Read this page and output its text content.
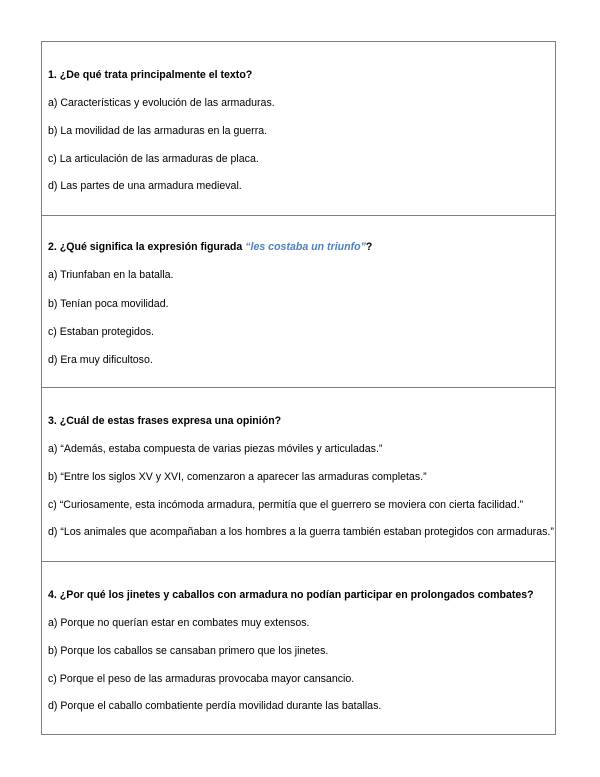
1. ¿De qué trata principalmente el texto?
a) Características y evolución de las armaduras.
b) La movilidad de las armaduras en la guerra.
c) La articulación de las armaduras de placa.
d) Las partes de una armadura medieval.
2. ¿Qué significa la expresión figurada “les costaba un triunfo”?
a) Triunfaban en la batalla.
b) Tenían poca movilidad.
c) Estaban protegidos.
d) Era muy dificultoso.
3. ¿Cuál de estas frases expresa una opinión?
a) “Además, estaba compuesta de varias piezas móviles y articuladas.”
b) “Entre los siglos XV y XVI, comenzaron a aparecer las armaduras completas.”
c) “Curiosamente, esta incómoda armadura, permitía que el guerrero se moviera con cierta facilidad.”
d) “Los animales que acompañaban a los hombres a la guerra también estaban protegidos con armaduras.”
4. ¿Por qué los jinetes y caballos con armadura no podían participar en prolongados combates?
a) Porque no querían estar en combates muy extensos.
b) Porque los caballos se cansaban primero que los jinetes.
c) Porque el peso de las armaduras provocaba mayor cansancio.
d) Porque el caballo combatiente perdía movilidad durante las batallas.
